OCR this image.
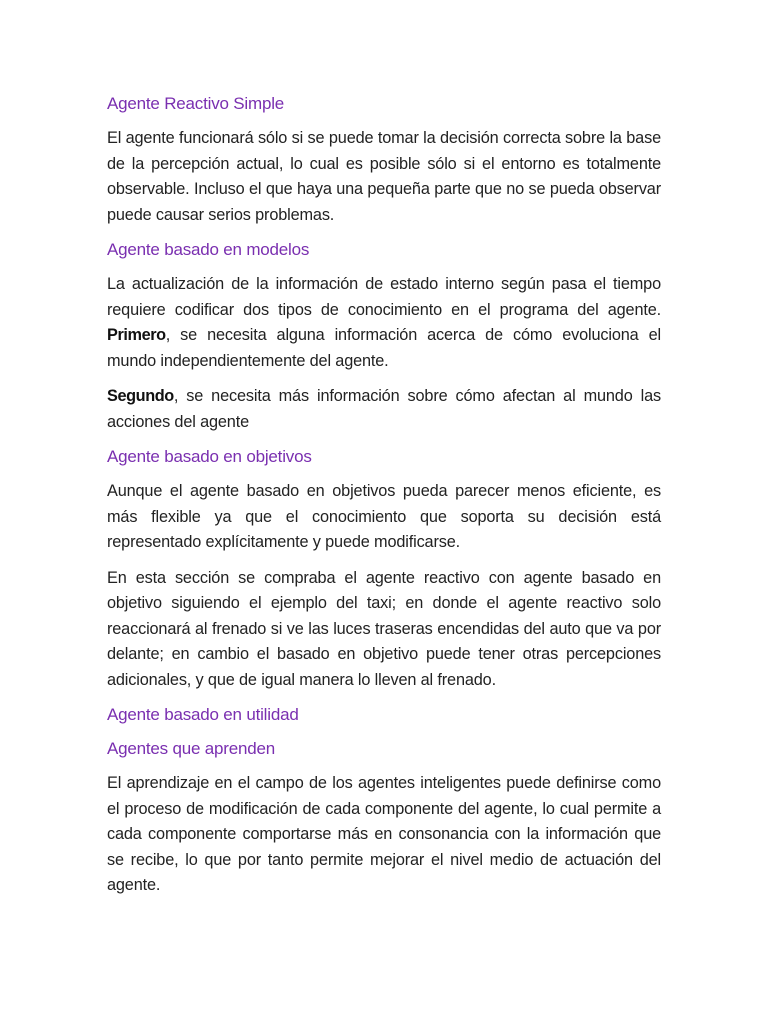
Agente Reactivo Simple

El agente funcionará sólo si se puede tomar la decisión correcta sobre la base de la percepción actual, lo cual es posible sólo si el entorno es totalmente observable. Incluso el que haya una pequeña parte que no se pueda observar puede causar serios problemas.

Agente basado en modelos

La actualización de la información de estado interno según pasa el tiempo requiere codificar dos tipos de conocimiento en el programa del agente. Primero, se necesita alguna información acerca de cómo evoluciona el mundo independientemente del agente.

Segundo, se necesita más información sobre cómo afectan al mundo las acciones del agente

Agente basado en objetivos

Aunque el agente basado en objetivos pueda parecer menos eficiente, es más flexible ya que el conocimiento que soporta su decisión está representado explícitamente y puede modificarse.

En esta sección se compraba el agente reactivo con agente basado en objetivo siguiendo el ejemplo del taxi; en donde el agente reactivo solo reaccionará al frenado si ve las luces traseras encendidas del auto que va por delante; en cambio el basado en objetivo puede tener otras percepciones adicionales, y que de igual manera lo lleven al frenado.

Agente basado en utilidad
Agentes que aprenden

El aprendizaje en el campo de los agentes inteligentes puede definirse como el proceso de modificación de cada componente del agente, lo cual permite a cada componente comportarse más en consonancia con la información que se recibe, lo que por tanto permite mejorar el nivel medio de actuación del agente.
